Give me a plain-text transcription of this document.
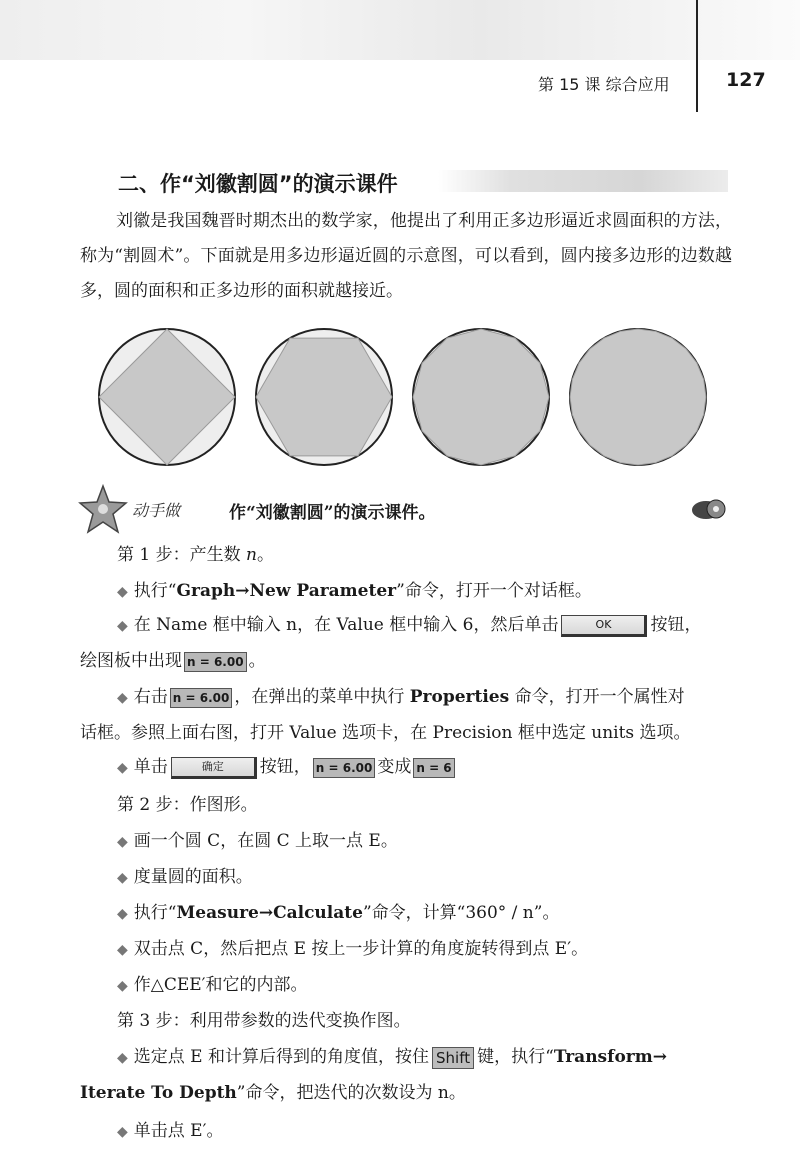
第 15 课 综合应用	127
二、作“刘徽割圆”的演示课件
刘徽是我国魏晋时期杰出的数学家，他提出了利用正多边形逼近求圆面积的方法，称为“割圆术”。下面就是用多边形逼近圆的示意图，可以看到，圆内接多边形的边数越多，圆的面积和正多边形的面积就越接近。
动手做	作“刘徽割圆”的演示课件。
第 1 步：产生数 n。
◆ 执行“Graph→New Parameter”命令，打开一个对话框。
◆ 在 Name 框中输入 n，在 Value 框中输入 6，然后单击	OK 按钮，
绘图板中出现 n = 6.00 。
◆ 右击 n = 6.00 ，在弹出的菜单中执行 Properties 命令，打开一个属性对
话框。参照上面右图，打开 Value 选项卡，在 Precision 框中选定 units 选项。
◆ 单击	确定 按钮， n = 6.00 变成 n = 6
第 2 步：作图形。
◆ 画一个圆 C，在圆 C 上取一点 E。
◆ 度量圆的面积。
◆ 执行“Measure→Calculate”命令，计算“360° / n”。
◆ 双击点 C，然后把点 E 按上一步计算的角度旋转得到点 E′。
◆ 作△CEE′和它的内部。
第 3 步：利用带参数的迭代变换作图。
◆ 选定点 E 和计算后得到的角度值，按住 Shift 键，执行“Transform→
Iterate To Depth”命令，把迭代的次数设为 n。
◆ 单击点 E′。
